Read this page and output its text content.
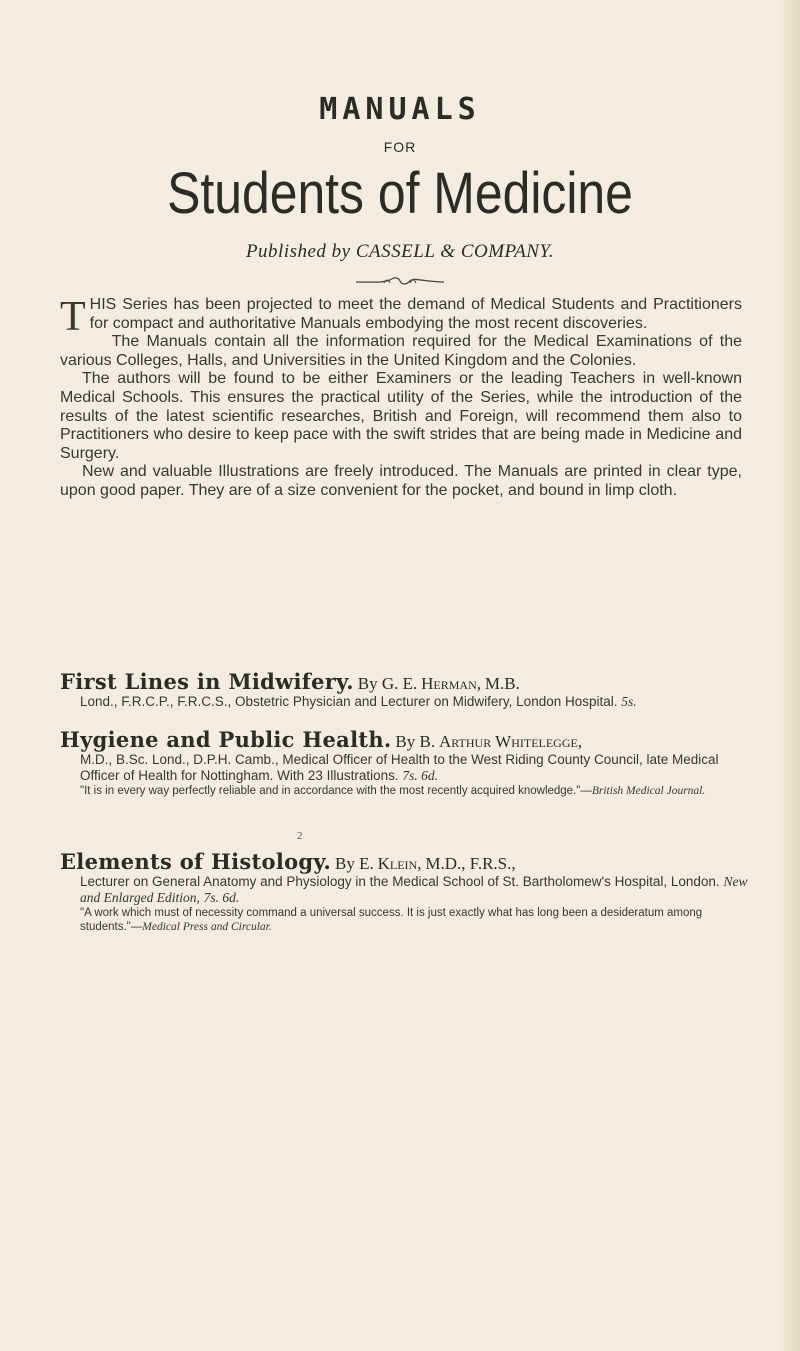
MANUALS
FOR
Students of Medicine
Published by CASSELL & COMPANY.

THIS Series has been projected to meet the demand of Medical Students and Practitioners for compact and authoritative Manuals embodying the most recent discoveries.

The Manuals contain all the information required for the Medical Examinations of the various Colleges, Halls, and Universities in the United Kingdom and the Colonies.

The authors will be found to be either Examiners or the leading Teachers in well-known Medical Schools. This ensures the practical utility of the Series, while the introduction of the results of the latest scientific researches, British and Foreign, will recommend them also to Practitioners who desire to keep pace with the swift strides that are being made in Medicine and Surgery.

New and valuable Illustrations are freely introduced. The Manuals are printed in clear type, upon good paper. They are of a size convenient for the pocket, and bound in limp cloth.

First Lines in Midwifery. By G. E. Herman, M.B.
Lond., F.R.C.P., F.R.C.S., Obstetric Physician and Lecturer on Midwifery, London Hospital. 5s.
Hygiene and Public Health. By B. Arthur Whitelegge,
M.D., B.Sc. Lond., D.P.H. Camb., Medical Officer of Health to the West Riding County Council, late Medical Officer of Health for Nottingham. With 23 Illustrations. 7s. 6d.
"It is in every way perfectly reliable and in accordance with the most recently acquired knowledge."—British Medical Journal.
Elements of Histology. By E. Klein, M.D., F.R.S.,
Lecturer on General Anatomy and Physiology in the Medical School of St. Bartholomew's Hospital, London. New and Enlarged Edition, 7s. 6d.
"A work which must of necessity command a universal success. It is just exactly what has long been a desideratum among students."—Medical Press and Circular.
2
